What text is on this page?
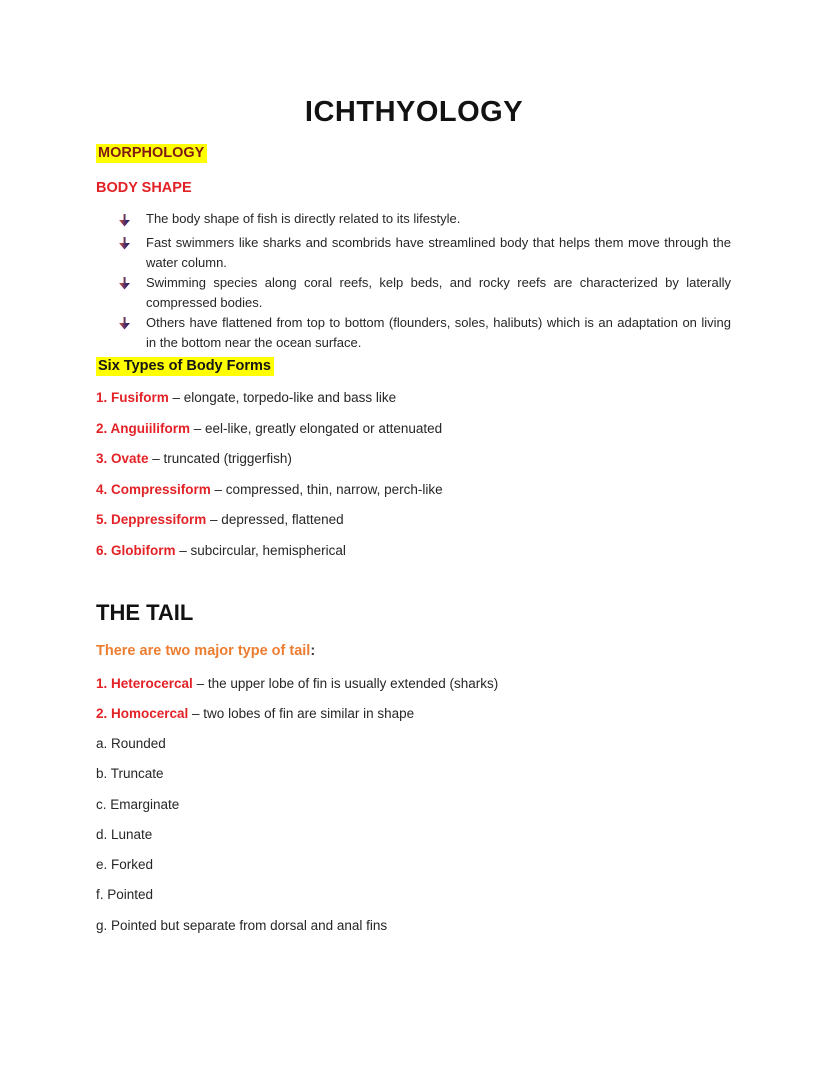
ICHTHYOLOGY
MORPHOLOGY
BODY SHAPE
The body shape of fish is directly related to its lifestyle.
Fast swimmers like sharks and scombrids have streamlined body that helps them move through the water column.
Swimming species along coral reefs, kelp beds, and rocky reefs are characterized by laterally compressed bodies.
Others have flattened from top to bottom (flounders, soles, halibuts) which is an adaptation on living in the bottom near the ocean surface.
Six Types of Body Forms

1. Fusiform – elongate, torpedo-like and bass like

2. Anguiiliform – eel-like, greatly elongated or attenuated

3. Ovate – truncated (triggerfish)

4. Compressiform – compressed, thin, narrow, perch-like

5. Deppressiform – depressed, flattened

6. Globiform – subcircular, hemispherical

THE TAIL
There are two major type of tail:

1. Heterocercal – the upper lobe of fin is usually extended (sharks)

2. Homocercal – two lobes of fin are similar in shape

a. Rounded

b. Truncate

c. Emarginate

d. Lunate

e. Forked

f. Pointed

g. Pointed but separate from dorsal and anal fins
